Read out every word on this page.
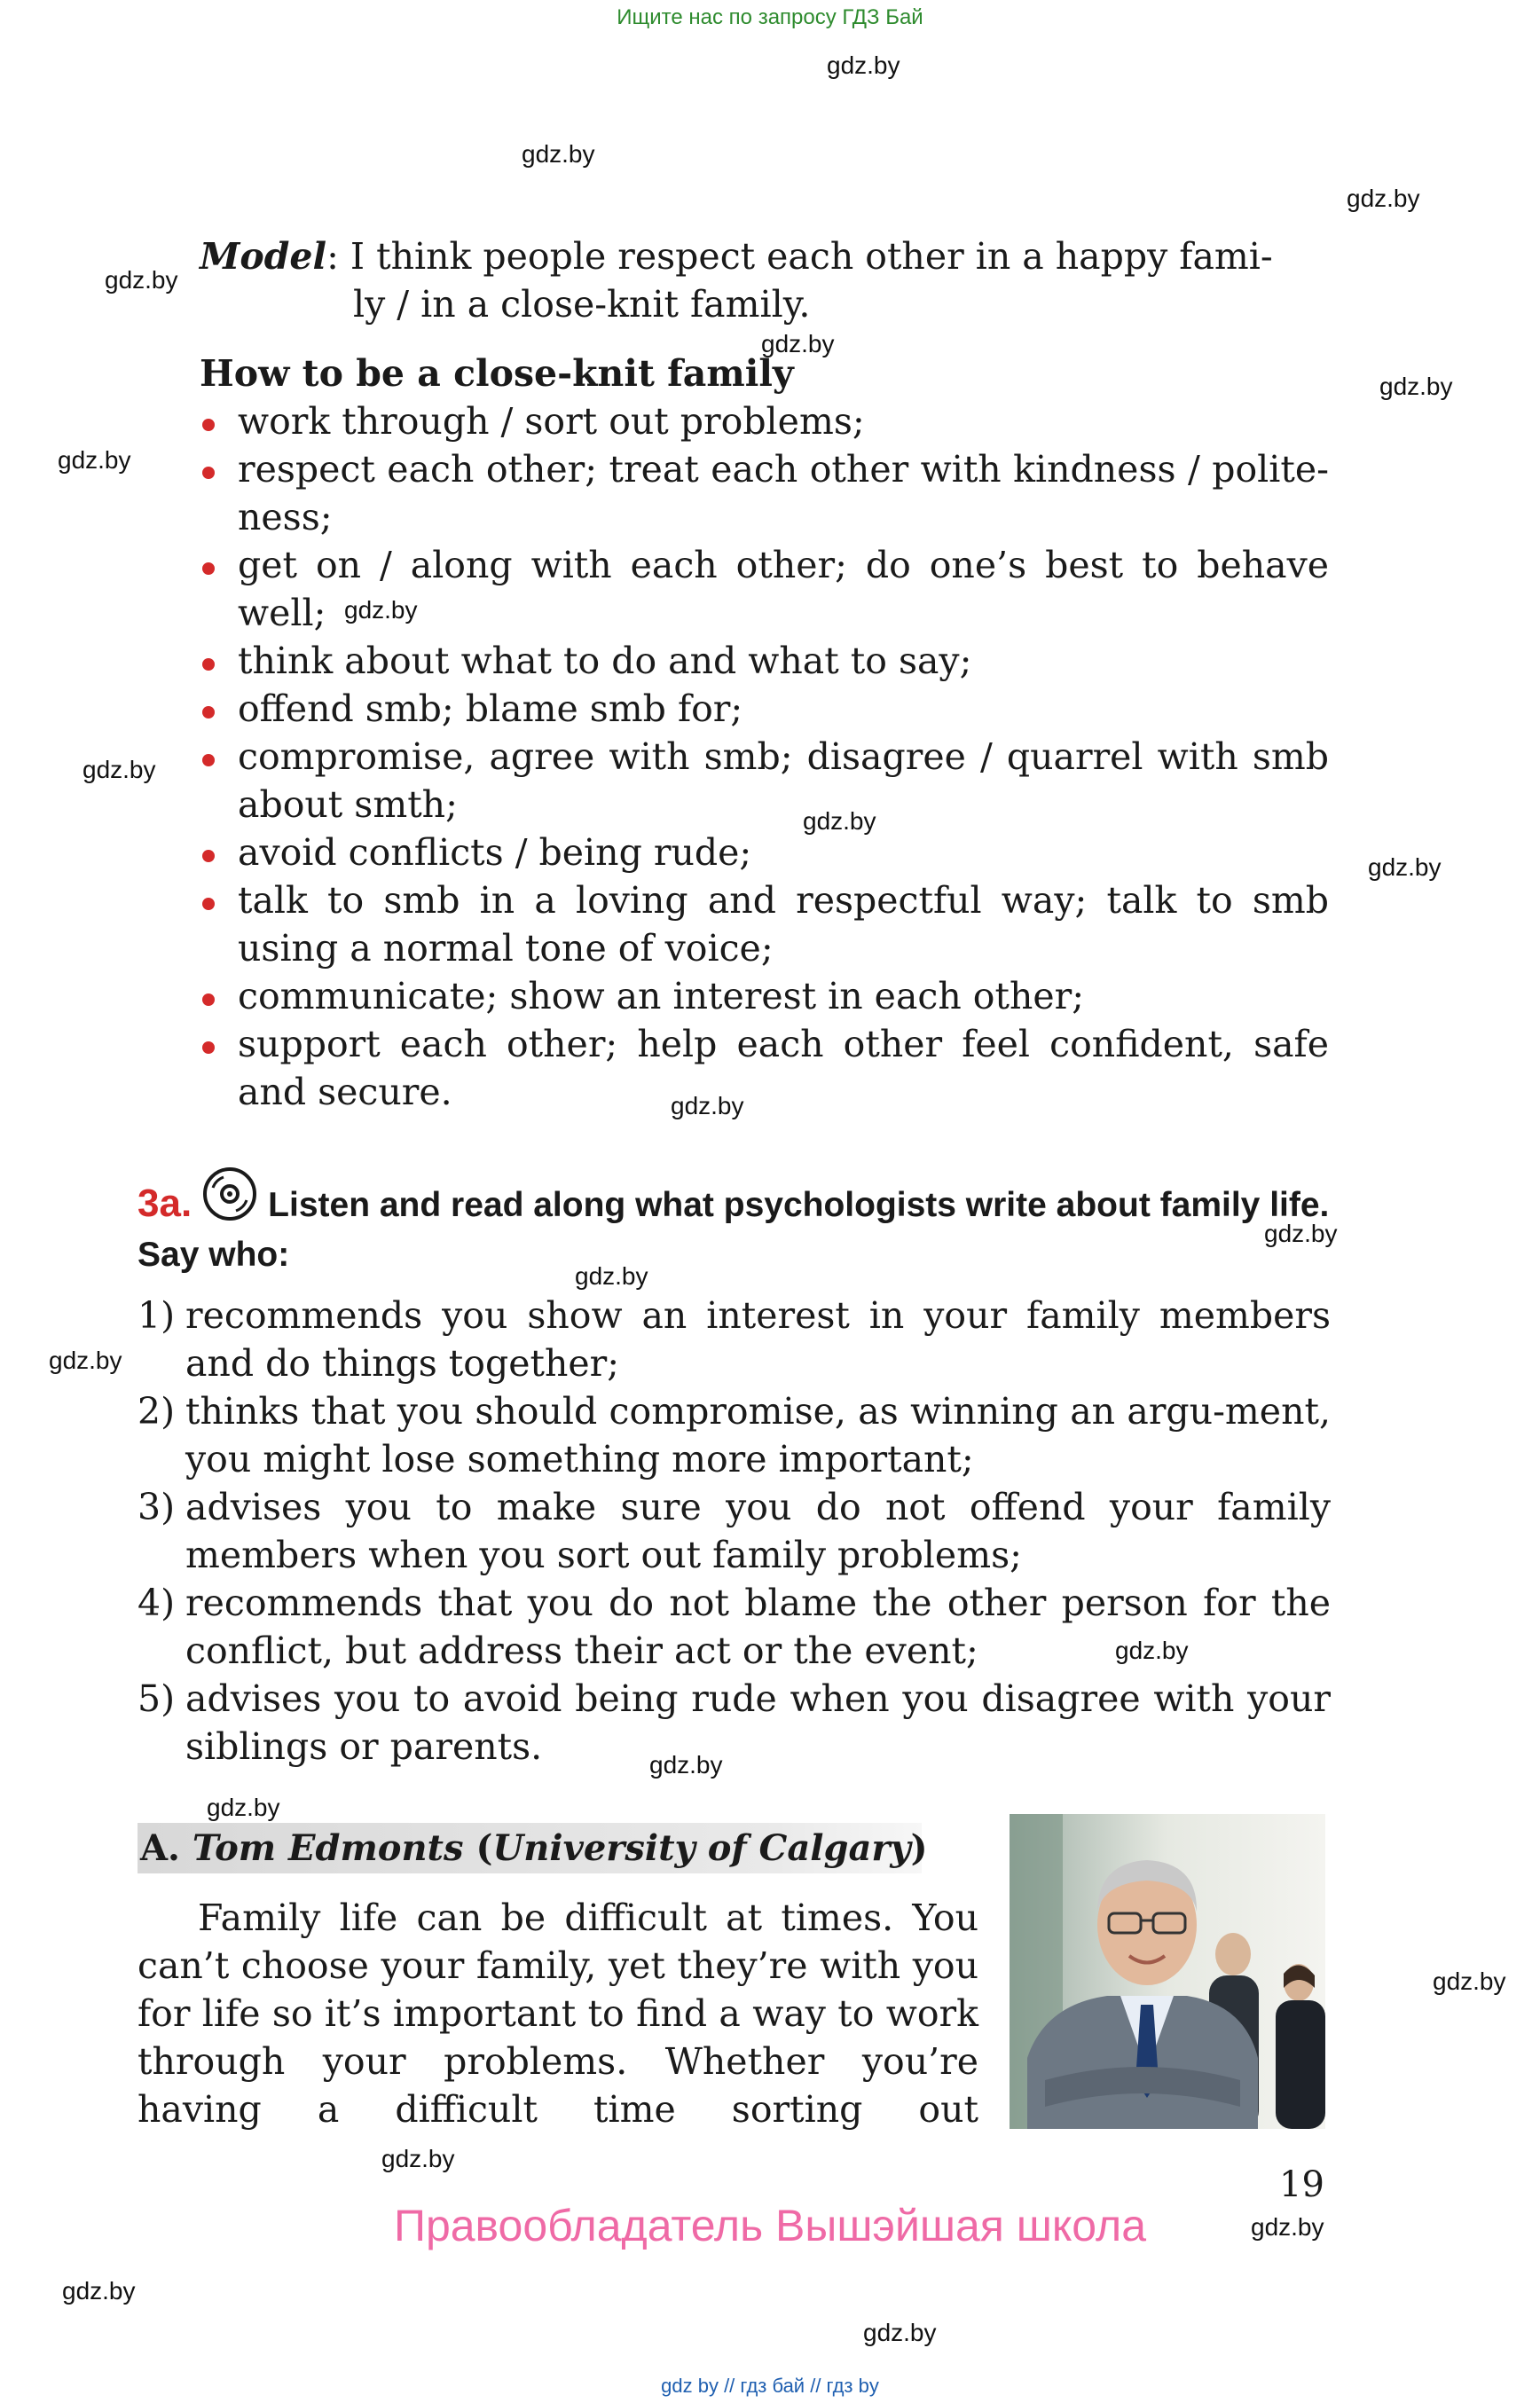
Ищите нас по запросу ГДЗ Бай
gdz.by
gdz.by
gdz.by
gdz.by
gdz.by
gdz.by
gdz.by
gdz.by
gdz.by
gdz.by
gdz.by
gdz.by
gdz.by
gdz.by
gdz.by
gdz.by
gdz.by
gdz.by
gdz.by
gdz.by
gdz.by
gdz.by
gdz.by
Model: I think people respect each other in a happy fami-
ly / in a close-knit family.
How to be a close-knit family
work through / sort out problems;
respect each other; treat each other with kindness / polite-ness;
get on / along with each other; do one’s best to behave well;
think about what to do and what to say;
offend smb; blame smb for;
compromise, agree with smb; disagree / quarrel with smb about smth;
avoid conflicts / being rude;
talk to smb in a loving and respectful way; talk to smb using a normal tone of voice;
communicate; show an interest in each other;
support each other; help each other feel confident, safe and secure.
3a. Listen and read along what psychologists write about family life. Say who:
1) recommends you show an interest in your family members and do things together;
2) thinks that you should compromise, as winning an argu-ment, you might lose something more important;
3) advises you to make sure you do not offend your family members when you sort out family problems;
4) recommends that you do not blame the other person for the conflict, but address their act or the event;
5) advises you to avoid being rude when you disagree with your siblings or parents.
A. Tom Edmonts (University of Calgary)
Family life can be difficult at times. You can’t choose your family, yet they’re with you for life so it’s important to find a way to work through your problems. Whether you’re having a difficult time sorting out
19
Правообладатель Вышэйшая школа
gdz by // гдз бай // гдз by
